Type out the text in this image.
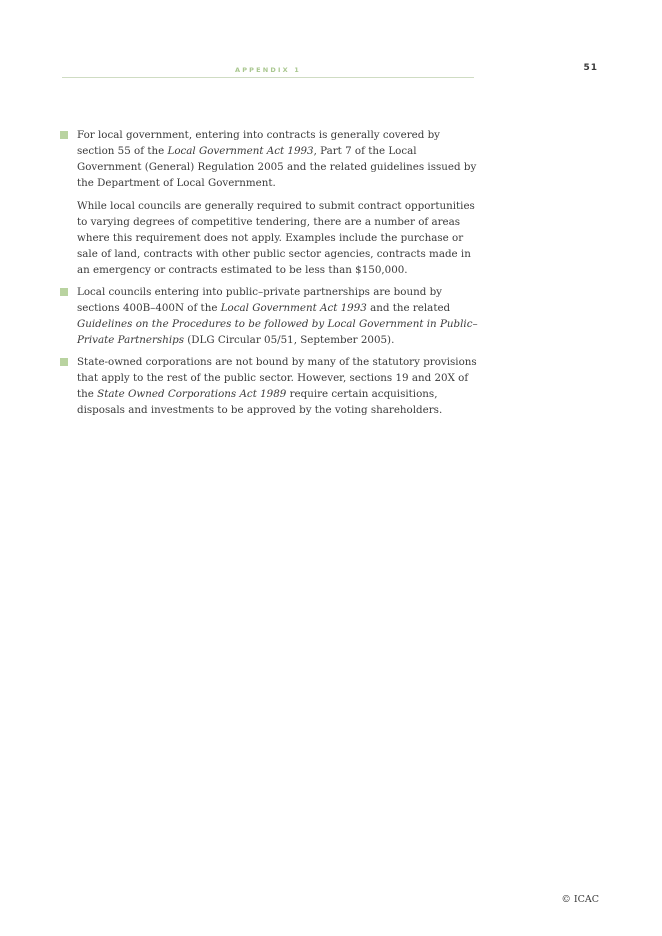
APPENDIX 1	51

For local government, entering into contracts is generally covered by section 55 of the Local Government Act 1993, Part 7 of the Local Government (General) Regulation 2005 and the related guidelines issued by the Department of Local Government.

While local councils are generally required to submit contract opportunities to varying degrees of competitive tendering, there are a number of areas where this requirement does not apply. Examples include the purchase or sale of land, contracts with other public sector agencies, contracts made in an emergency or contracts estimated to be less than $150,000.

Local councils entering into public–private partnerships are bound by sections 400B–400N of the Local Government Act 1993 and the related Guidelines on the Procedures to be followed by Local Government in Public–Private Partnerships (DLG Circular 05/51, September 2005).

State-owned corporations are not bound by many of the statutory provisions that apply to the rest of the public sector. However, sections 19 and 20X of the State Owned Corporations Act 1989 require certain acquisitions, disposals and investments to be approved by the voting shareholders.

© ICAC
